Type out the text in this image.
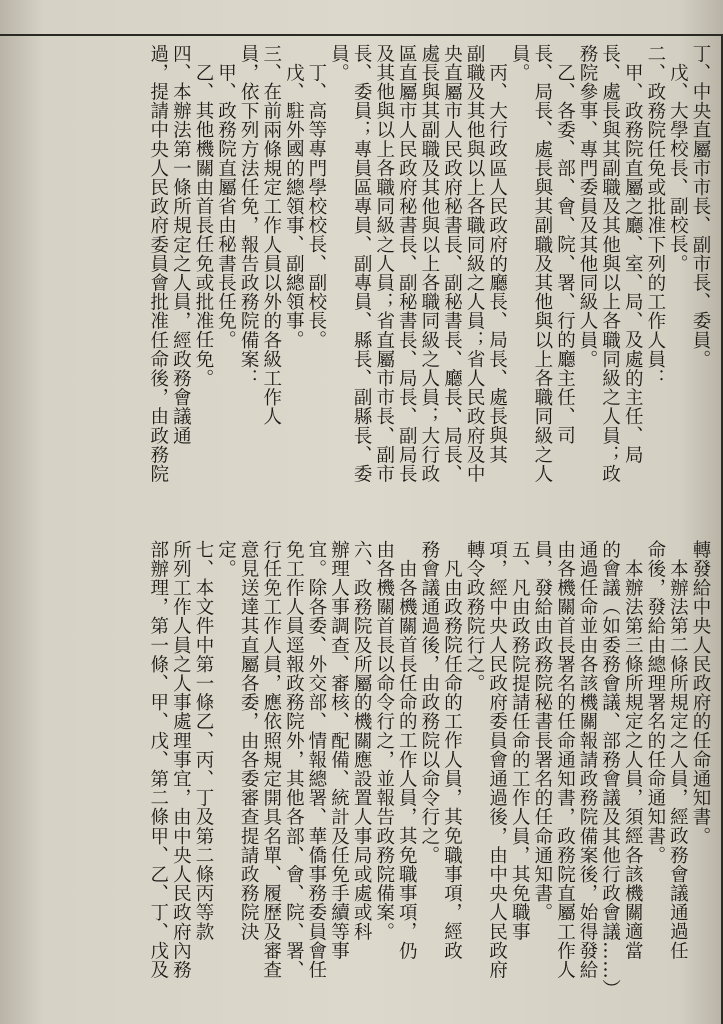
丁、中央直屬市市長、副市長、委員。
戊、大學校長、副校長。
二、政務院任免或批准下列的工作人員：
甲、政務院直屬之廳、室、局、及處的主任、局
長、處長與其副職及其他與以上各職同級之人員；政
務院參事、專門委員及其他同級人員。
乙、各委、部、會、院、署、行的廳主任、司
長、局長、處長與其副職及其他與以上各職同級之人
員。
丙、大行政區人民政府的廳長、局長、處長與其
副職及其他與以上各職同級之人員；省人民政府及中
央直屬市人民政府秘書長、副秘書長、廳長、局長、
處長與其副職及其他與以上各職同級之人員；大行政
區直屬市人民政府秘書長、副秘書長、局長、副局長
及其他與以上各職同級之人員；省直屬市市長、副市
長、委員；專員區專員、副專員、縣長、副縣長、委
員。
丁、高等專門學校校長、副校長。
戊、駐外國的總領事、副總領事。
三、在前兩條規定工作人員以外的各級工作人
員，依下列方法任免，報告政務院備案：
甲、政務院直屬省由秘書長任免。
乙、其他機關由首長任免或批准任免。
四、本辦法第一條所規定之人員，經政務會議通
過，提請中央人民政府委員會批准任命後，由政務院
轉發給中央人民政府的任命通知書。
本辦法第二條所規定之人員，經政務會議通過任
命後，發給由總理署名的任命通知書。
本辦法第三條所規定之人員，須經各該機關適當
的會議（如委務會議、部務會議及其他行政會議……）
通過任命並由各該機關報請政務院備案後，始得發給
由各機關首長署名的任命通知書，政務院直屬工作人
員，發給由政務院秘書長署名的任命通知書。
五、凡由政務院提請任命的工作人員，其免職事
項，經中央人民政府委員會通過後，由中央人民政府
轉令政務院行之。
凡由政務院任命的工作人員，其免職事項，經政
務會議通過後，由政務院以命令行之。
由各機關首長任命的工作人員，其免職事項，仍
由各機關首長以命令行之，並報告政務院備案。
六、政務院及所屬的機關應設置人事局或處或科
辦理人事調查、審核、配備、統計及任免手續等事
宜。除各委、外交部、情報總署、華僑事務委員會任
免工作人員逕報政務院外，其他各部、會、院、署、
行任免工作人員，應依照規定開具名單、履歷及審查
意見送達其直屬各委，由各委審查提請政務院決
定。
七、本文件中第一條乙、丙、丁及第二條丙等款
所列工作人員之人事處理事宜，由中央人民政府內務
部辦理，第一條、甲、戊、第二條甲、乙、丁、戊及
